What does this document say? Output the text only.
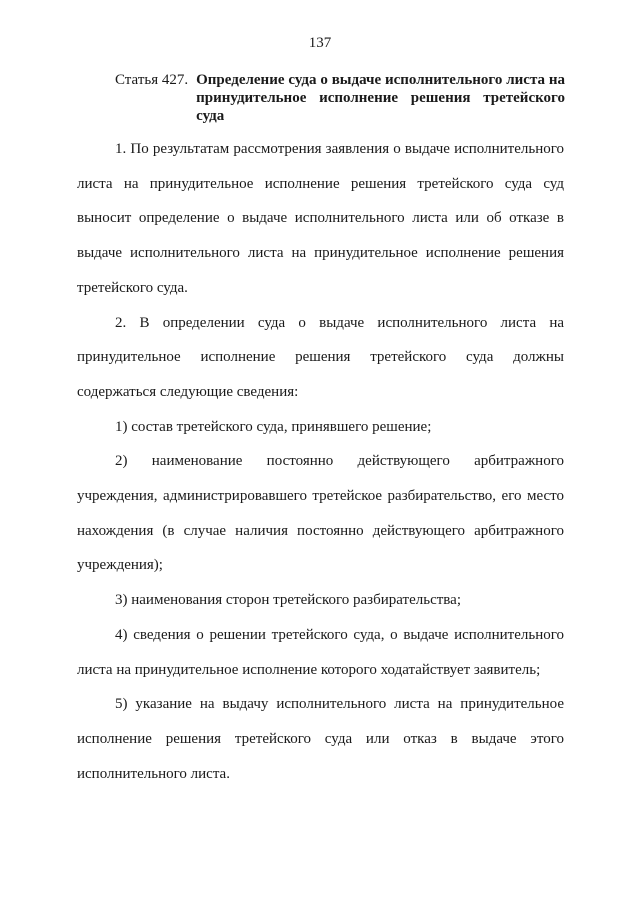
137
Статья 427. Определение суда о выдаче исполнительного листа на принудительное исполнение решения третейского суда

1. По результатам рассмотрения заявления о выдаче исполнительного листа на принудительное исполнение решения третейского суда суд выносит определение о выдаче исполнительного листа или об отказе в выдаче исполнительного листа на принудительное исполнение решения третейского суда.

2. В определении суда о выдаче исполнительного листа на принудительное исполнение решения третейского суда должны содержаться следующие сведения:

1) состав третейского суда, принявшего решение;

2) наименование постоянно действующего арбитражного учреждения, администрировавшего третейское разбирательство, его место нахождения (в случае наличия постоянно действующего арбитражного учреждения);

3) наименования сторон третейского разбирательства;

4) сведения о решении третейского суда, о выдаче исполнительного листа на принудительное исполнение которого ходатайствует заявитель;

5) указание на выдачу исполнительного листа на принудительное исполнение решения третейского суда или отказ в выдаче этого исполнительного листа.
